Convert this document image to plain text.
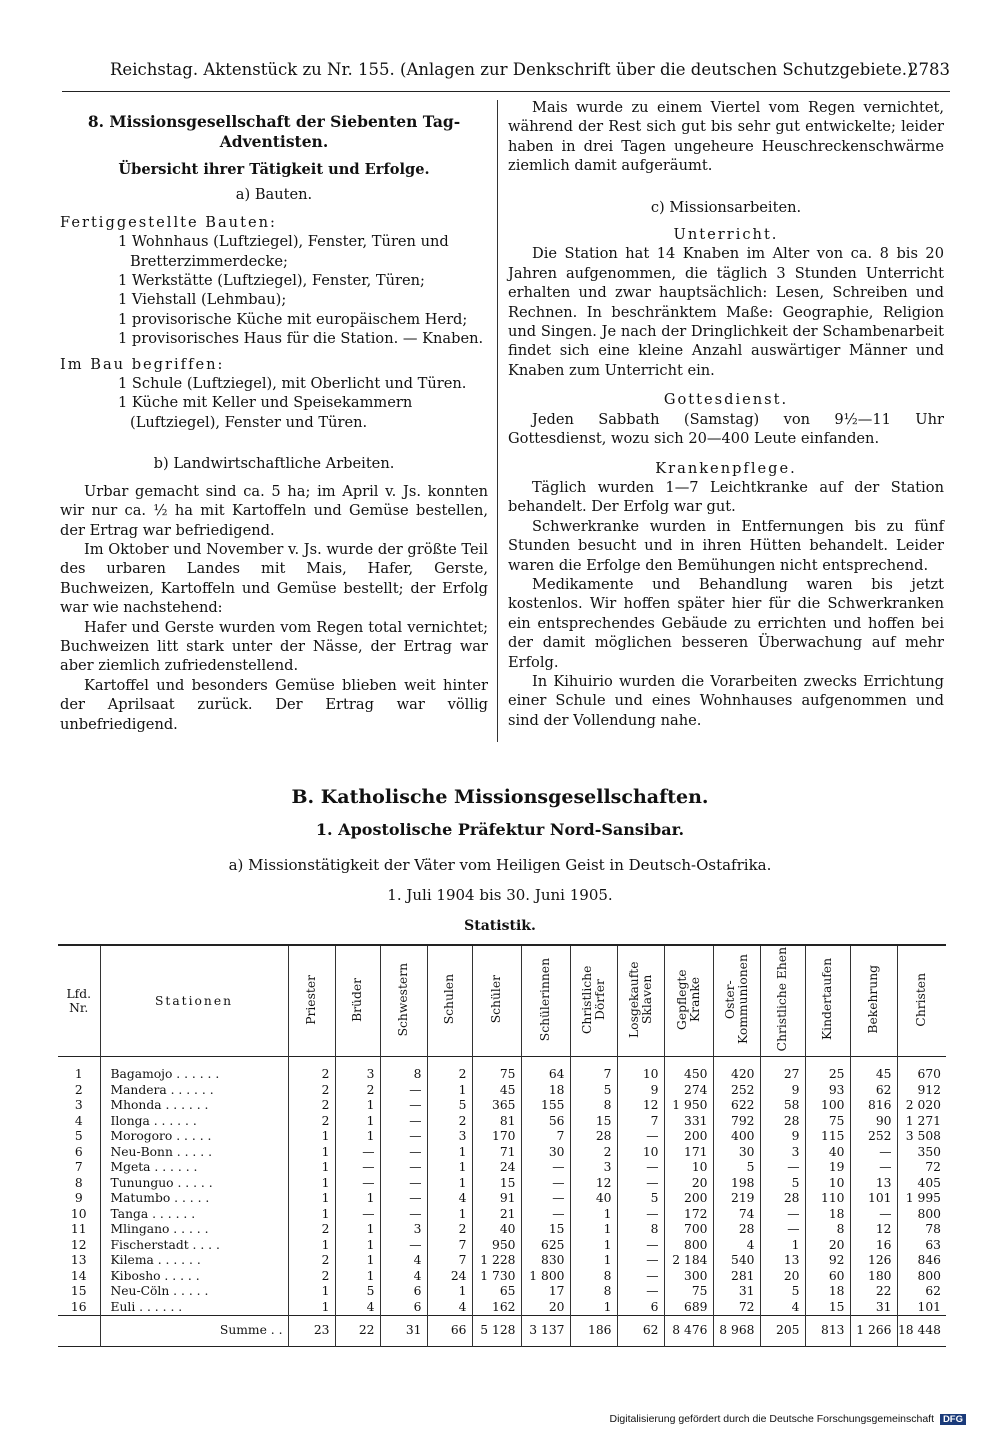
Reichstag. Aktenstück zu Nr. 155. (Anlagen zur Denkschrift über die deutschen Schutzgebiete.)
2783
8. Missionsgesellschaft der Siebenten Tag-Adventisten.
Übersicht ihrer Tätigkeit und Erfolge.
a) Bauten.
Fertiggestellte Bauten:
1 Wohnhaus (Luftziegel), Fenster, Türen und Bretterzimmerdecke;
1 Werkstätte (Luftziegel), Fenster, Türen;
1 Viehstall (Lehmbau);
1 provisorische Küche mit europäischem Herd;
1 provisorisches Haus für die Station. — Knaben.
Im Bau begriffen:
1 Schule (Luftziegel), mit Oberlicht und Türen.
1 Küche mit Keller und Speisekammern (Luftziegel), Fenster und Türen.
b) Landwirtschaftliche Arbeiten.

Urbar gemacht sind ca. 5 ha; im April v. Js. konnten wir nur ca. ½ ha mit Kartoffeln und Gemüse bestellen, der Ertrag war befriedigend.

Im Oktober und November v. Js. wurde der größte Teil des urbaren Landes mit Mais, Hafer, Gerste, Buchweizen, Kartoffeln und Gemüse bestellt; der Erfolg war wie nachstehend:

Hafer und Gerste wurden vom Regen total vernichtet; Buchweizen litt stark unter der Nässe, der Ertrag war aber ziemlich zufriedenstellend.

Kartoffel und besonders Gemüse blieben weit hinter der Aprilsaat zurück. Der Ertrag war völlig unbefriedigend.

Mais wurde zu einem Viertel vom Regen vernichtet, während der Rest sich gut bis sehr gut entwickelte; leider haben in drei Tagen ungeheure Heuschreckenschwärme ziemlich damit aufgeräumt.

c) Missionsarbeiten.
Unterricht.

Die Station hat 14 Knaben im Alter von ca. 8 bis 20 Jahren aufgenommen, die täglich 3 Stunden Unterricht erhalten und zwar hauptsächlich: Lesen, Schreiben und Rechnen. In beschränktem Maße: Geographie, Religion und Singen. Je nach der Dringlichkeit der Schambenarbeit findet sich eine kleine Anzahl auswärtiger Männer und Knaben zum Unterricht ein.

Gottesdienst.

Jeden Sabbath (Samstag) von 9½—11 Uhr Gottesdienst, wozu sich 20—400 Leute einfanden.

Krankenpflege.

Täglich wurden 1—7 Leichtkranke auf der Station behandelt. Der Erfolg war gut.

Schwerkranke wurden in Entfernungen bis zu fünf Stunden besucht und in ihren Hütten behandelt. Leider waren die Erfolge den Bemühungen nicht entsprechend.

Medikamente und Behandlung waren bis jetzt kostenlos. Wir hoffen später hier für die Schwerkranken ein entsprechendes Gebäude zu errichten und hoffen bei der damit möglichen besseren Überwachung auf mehr Erfolg.

In Kihuirio wurden die Vorarbeiten zwecks Errichtung einer Schule und eines Wohnhauses aufgenommen und sind der Vollendung nahe.

B. Katholische Missionsgesellschaften.
1. Apostolische Präfektur Nord-Sansibar.
a) Missionstätigkeit der Väter vom Heiligen Geist in Deutsch-Ostafrika.
1. Juli 1904 bis 30. Juni 1905.
Statistik.
Lfd. Nr.	Stationen	Priester	Brüder	Schwestern	Schulen	Schüler	Schülerinnen	Christliche Dörfer	Losgekaufte Sklaven	Gepflegte Kranke	Oster-Kommunionen	Christliche Ehen	Kindertaufen	Bekehrung	Christen
1	Bagamojo . . . . . .	2	3	8	2	75	64	7	10	450	420	27	25	45	670
2	Mandera . . . . . .	2	2	—	1	45	18	5	9	274	252	9	93	62	912
3	Mhonda . . . . . .	2	1	—	5	365	155	8	12	1 950	622	58	100	816	2 020
4	Ilonga . . . . . .	2	1	—	2	81	56	15	7	331	792	28	75	90	1 271
5	Morogoro . . . . .	1	1	—	3	170	7	28	—	200	400	9	115	252	3 508
6	Neu-Bonn . . . . .	1	—	—	1	71	30	2	10	171	30	3	40	—	350
7	Mgeta . . . . . .	1	—	—	1	24	—	3	—	10	5	—	19	—	72
8	Tununguo . . . . .	1	—	—	1	15	—	12	—	20	198	5	10	13	405
9	Matumbo . . . . .	1	1	—	4	91	—	40	5	200	219	28	110	101	1 995
10	Tanga . . . . . .	1	—	—	1	21	—	1	—	172	74	—	18	—	800
11	Mlingano . . . . .	2	1	3	2	40	15	1	8	700	28	—	8	12	78
12	Fischerstadt . . . .	1	1	—	7	950	625	1	—	800	4	1	20	16	63
13	Kilema . . . . . .	2	1	4	7	1 228	830	1	—	2 184	540	13	92	126	846
14	Kibosho . . . . .	2	1	4	24	1 730	1 800	8	—	300	281	20	60	180	800
15	Neu-Cöln . . . . .	1	5	6	1	65	17	8	—	75	31	5	18	22	62
16	Euli . . . . . .	1	4	6	4	162	20	1	6	689	72	4	15	31	101
	Summe . .	23	22	31	66	5 128	3 137	186	62	8 476	8 968	205	813	1 266	18 448
Digitalisierung gefördert durch die Deutsche Forschungsgemeinschaft DFG
